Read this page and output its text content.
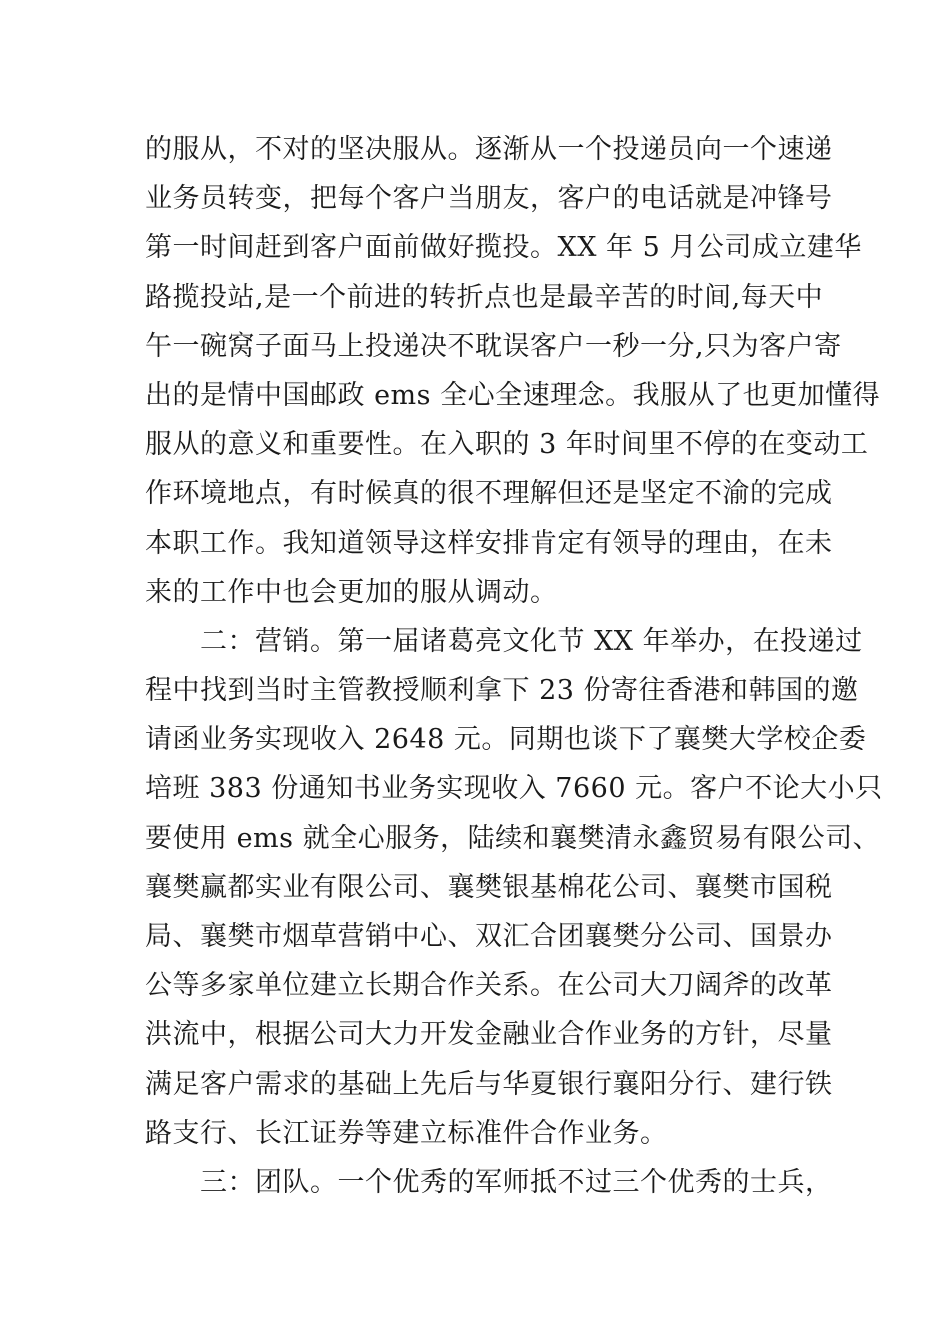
的服从，不对的坚决服从。逐渐从一个投递员向一个速递
业务员转变，把每个客户当朋友，客户的电话就是冲锋号
第一时间赶到客户面前做好揽投。XX 年 5 月公司成立建华
路揽投站,是一个前进的转折点也是最辛苦的时间,每天中
午一碗窝子面马上投递决不耽误客户一秒一分,只为客户寄
出的是情中国邮政 ems 全心全速理念。我服从了也更加懂得
服从的意义和重要性。在入职的 3 年时间里不停的在变动工
作环境地点，有时候真的很不理解但还是坚定不渝的完成
本职工作。我知道领导这样安排肯定有领导的理由，在未
来的工作中也会更加的服从调动。
　　二：营销。第一届诸葛亮文化节 XX 年举办，在投递过
程中找到当时主管教授顺利拿下 23 份寄往香港和韩国的邀
请函业务实现收入 2648 元。同期也谈下了襄樊大学校企委
培班 383 份通知书业务实现收入 7660 元。客户不论大小只
要使用 ems 就全心服务，陆续和襄樊清永鑫贸易有限公司、
襄樊赢都实业有限公司、襄樊银基棉花公司、襄樊市国税
局、襄樊市烟草营销中心、双汇合团襄樊分公司、国景办
公等多家单位建立长期合作关系。在公司大刀阔斧的改革
洪流中，根据公司大力开发金融业合作业务的方针，尽量
满足客户需求的基础上先后与华夏银行襄阳分行、建行铁
路支行、长江证券等建立标准件合作业务。
　　三：团队。一个优秀的军师抵不过三个优秀的士兵，
